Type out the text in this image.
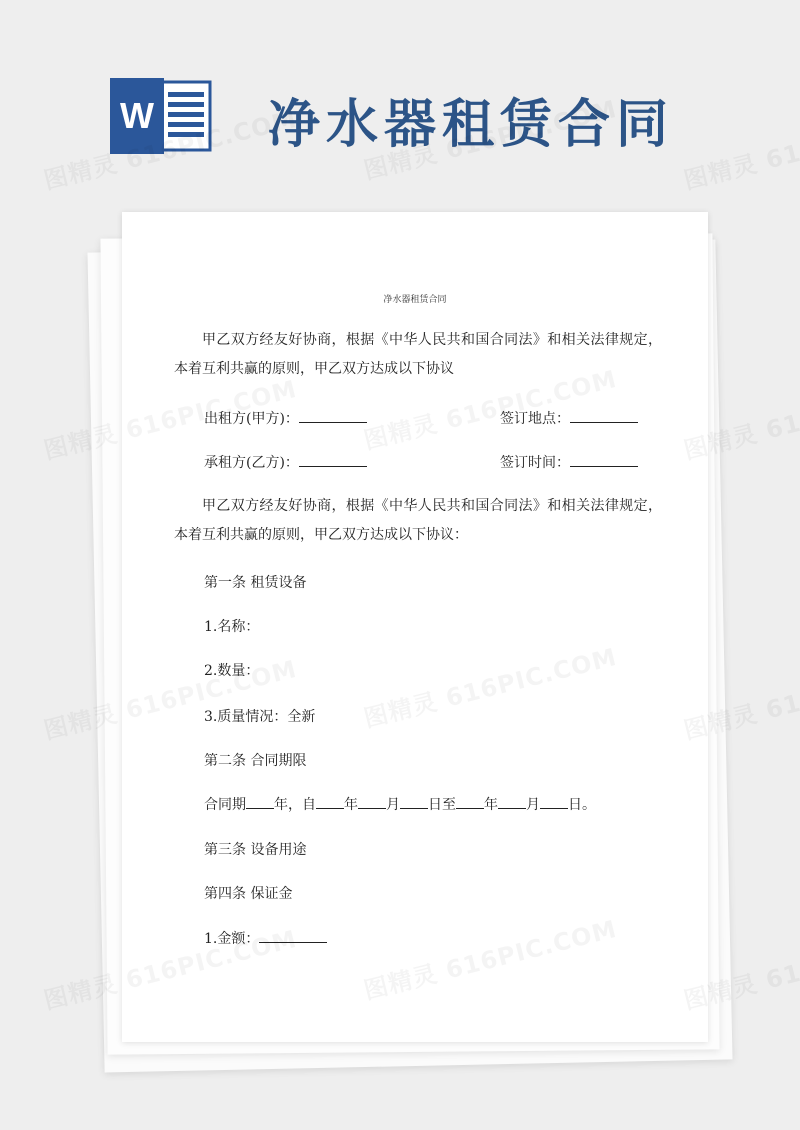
W 净水器租赁合同
净水器租赁合同
甲乙双方经友好协商，根据《中华人民共和国合同法》和相关法律规定，本着互利共赢的原则，甲乙双方达成以下协议
出租方(甲方)：	签订地点：
承租方(乙方)：	签订时间：
甲乙双方经友好协商，根据《中华人民共和国合同法》和相关法律规定，本着互利共赢的原则，甲乙双方达成以下协议：
第一条 租赁设备
1.名称：
2.数量：
3.质量情况：全新
第二条 合同期限
合同期 年，自 年 月 日至 年 月 日。
第三条 设备用途
第四条 保证金
1.金额：
